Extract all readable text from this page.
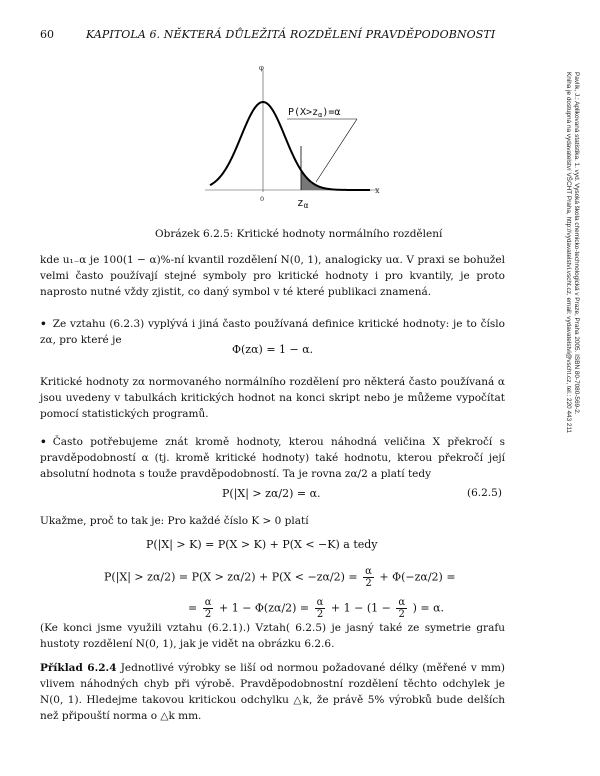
60	KAPITOLA 6. NĚKTERÁ DŮLEŽITÁ ROZDĚLENÍ PRAVDĚPODOBNOSTI
Pavlík, J.: Aplikovaná statistika. 1. vyd. Vysoká škola chemicko-technologická v Praze, Praha 2005. ISBN 80-7080-569-2.
Kniha je dostupná na vydavatelství VŠCHT Praha, http://vydavatelstvi.vscht.cz, email: vydavatelstvi@vscht.cz, tel.: 220 443 211
φ
x
0
$P(X>z_\alpha)=\alpha$
zα
Obrázek 6.2.5: Kritické hodnoty normálního rozdělení
kde u₁₋α je 100(1 − α)%-ní kvantil rozdělení N(0, 1), analogicky uα. V praxi se bohužel velmi často používají stejné symboly pro kritické hodnoty i pro kvantily, je proto naprosto nutné vždy zjistit, co daný symbol v té které publikaci znamená.
• Ze vztahu (6.2.3) vyplývá i jiná často používaná definice kritické hodnoty: je to číslo zα, pro které je
Φ(zα) = 1 − α.
Kritické hodnoty zα normovaného normálního rozdělení pro některá často používaná α jsou uvedeny v tabulkách kritických hodnot na konci skript nebo je můžeme vypočítat pomocí statistických programů.
• Často potřebujeme znát kromě hodnoty, kterou náhodná veličina X překročí s pravděpodobností α (tj. kromě kritické hodnoty) také hodnotu, kterou překročí její absolutní hodnota s touže pravděpodobností. Ta je rovna zα/2 a platí tedy
P(|X| > zα/2) = α.	(6.2.5)
Ukažme, proč to tak je: Pro každé číslo K > 0 platí
P(|X| > K) = P(X > K) + P(X < −K) a tedy
$P(|X| > z\alpha/2) = P(X > z\alpha/2) + P(X < -z\alpha/2) = \frac{\alpha}{2} + \Phi(-z\alpha/2)$ =
= $\frac{\alpha}{2} + 1 - \Phi(z\alpha/2) = \frac{\alpha}{2} + 1 - (1 - \frac{\alpha}{2}$ ) = α.
(Ke konci jsme využili vztahu (6.2.1).) Vztah( 6.2.5) je jasný také ze symetrie grafu hustoty rozdělení N(0, 1), jak je vidět na obrázku 6.2.6.
Příklad 6.2.4 Jednotlivé výrobky se liší od normou požadované délky (měřené v mm) vlivem náhodných chyb při výrobě. Pravděpodobnostní rozdělení těchto odchylek je N(0, 1). Hledejme takovou kritickou odchylku △k, že právě 5% výrobků bude delších než připouští norma o △k mm.
